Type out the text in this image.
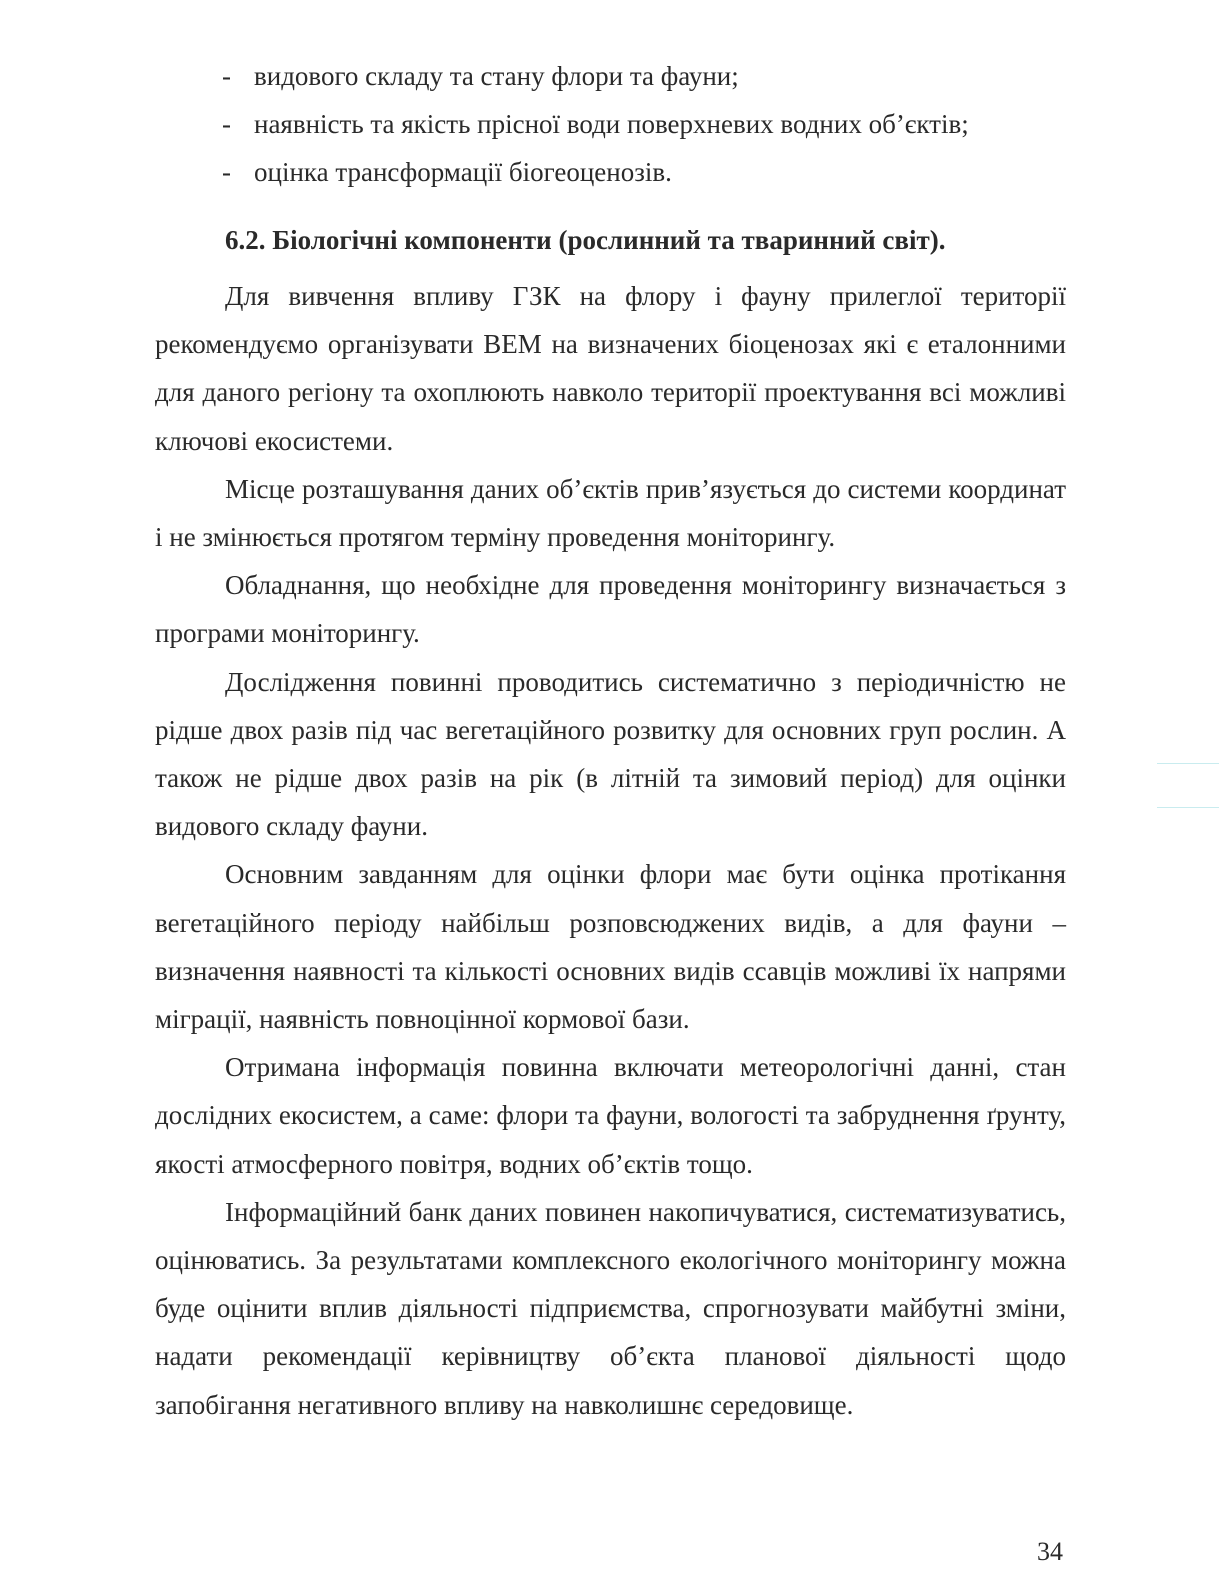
- видового складу та стану флори та фауни;
- наявність та якість прісної води поверхневих водних об’єктів;
- оцінка трансформації біогеоценозів.
6.2. Біологічні компоненти (рослинний та тваринний світ).

Для вивчення впливу ГЗК на флору і фауну прилеглої території рекомендуємо організувати ВЕМ на визначених біоценозах які є еталонними для даного регіону та охоплюють навколо території проектування всі можливі ключові екосистеми.

Місце розташування даних об’єктів прив’язується до системи координат і не змінюється протягом терміну проведення моніторингу.

Обладнання, що необхідне для проведення моніторингу визначається з програми моніторингу.

Дослідження повинні проводитись систематично з періодичністю не рідше двох разів під час вегетаційного розвитку для основних груп рослин. А також не рідше двох разів на рік (в літній та зимовий період) для оцінки видового складу фауни.

Основним завданням для оцінки флори має бути оцінка протікання вегетаційного періоду найбільш розповсюджених видів, а для фауни – визначення наявності та кількості основних видів ссавців можливі їх напрями міграції, наявність повноцінної кормової бази.

Отримана інформація повинна включати метеорологічні данні, стан дослідних екосистем, а саме: флори та фауни, вологості та забруднення ґрунту, якості атмосферного повітря, водних об’єктів тощо.

Інформаційний банк даних повинен накопичуватися, систематизуватись, оцінюватись. За результатами комплексного екологічного моніторингу можна буде оцінити вплив діяльності підприємства, спрогнозувати майбутні зміни, надати рекомендації керівництву об’єкта планової діяльності щодо запобігання негативного впливу на навколишнє середовище.

34
